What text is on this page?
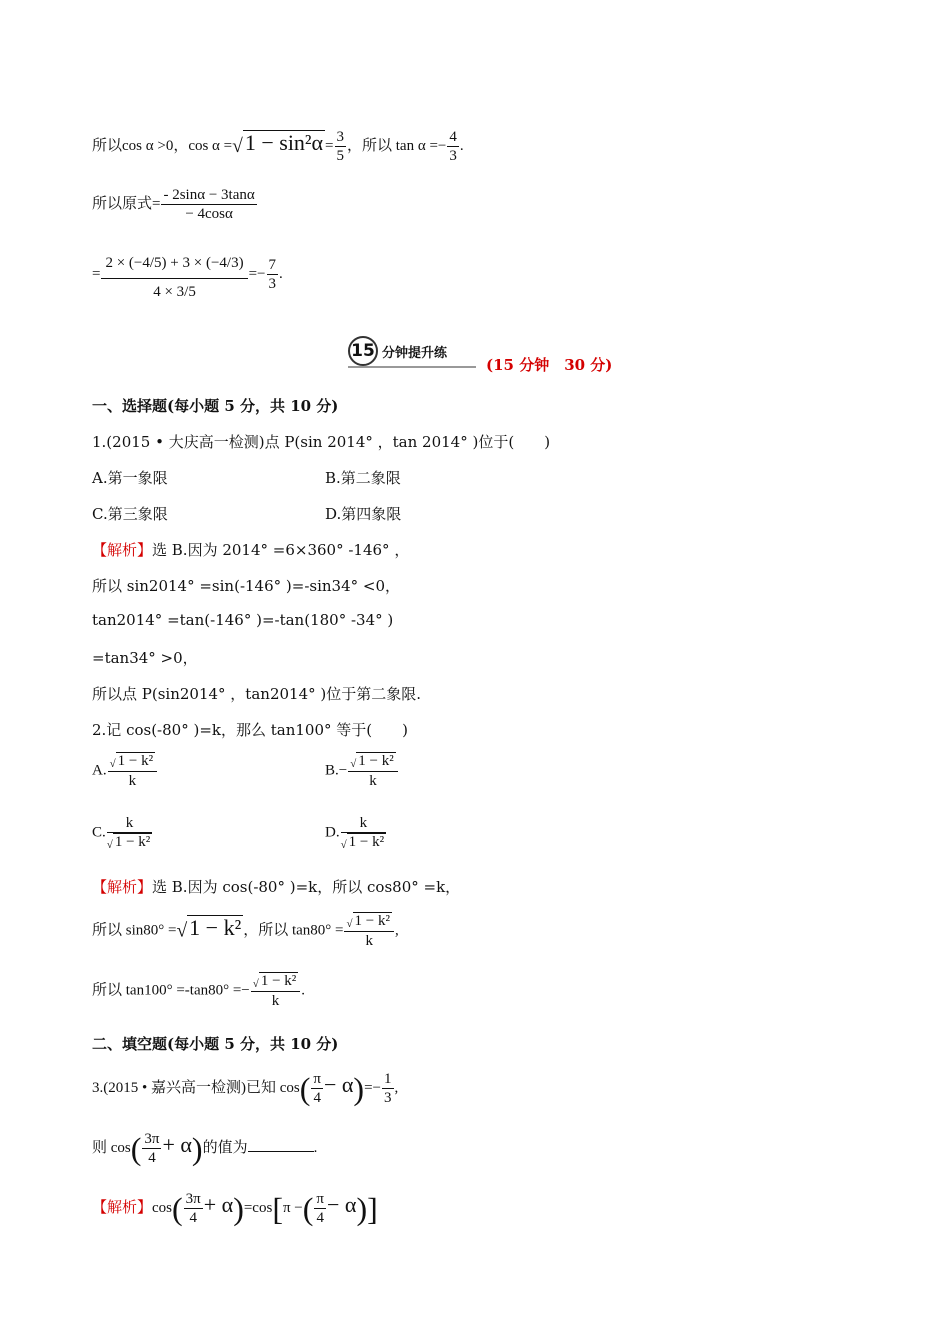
所以cos α >0，$\cos \alpha =√1 - \sin^2\alpha = \frac{3}{5}$ ，所以 $\tan \alpha =- \frac{4}{3}$ .
所以原式= $\frac{- 2\sin\alpha - 3\tan\alpha}{- 4\cos\alpha}$
= $\frac{2 \times (-4/5) + 3 \times (-4/3)}{4 \times 3/5} =- \frac{7}{3}$ .
15 分钟提升练
(15 分钟　30 分)
一、选择题(每小题 5 分，共 10 分)
1.(2015 • 大庆高一检测)点 P(sin 2014° ，tan 2014° )位于(　　)
A.第一象限	B.第二象限
C.第三象限	D.第四象限
【解析】选 B.因为 2014° =6×360° -146° ，
所以 sin2014° =sin(-146° )=-sin34° <0，
tan2014° =tan(-146° )=-tan(180° -34° )
=tan34° >0，
所以点 P(sin2014° ，tan2014° )位于第二象限.
2.记 cos(-80° )=k，那么 tan100° 等于(　　)
A. $\frac{\text{√ 1 − k²}}{k}$	$B.- \frac{\text{√ 1 − k²}}{k}$
C. $\frac{k}{\text{√ 1 − k²}}$	D. $\frac{k}{\text{√ 1 − k²}}$
【解析】选 B.因为 cos(-80° )=k，所以 cos80° =k，
所以 sin80° =√1 − k² ，所以 $\tan 80^\circ = \frac{\text{√ 1 − k²}}{k}$ ,
所以 $\tan 100^\circ =-\tan 80^\circ =- \frac{\text{√ 1 − k²}}{k}$ .
二、填空题(每小题 5 分，共 10 分)
3.(2015 • 嘉兴高一检测)已知 $\cos( \frac{\pi}{4} - \alpha)=- \frac{1}{3}$ ,
则 $\cos( \frac{3\pi}{4} + \alpha)$的值为	.
【解析】$\cos( \frac{3\pi}{4} + \alpha)=\cos[\pi$ −( $\frac{\pi}{4} - \alpha$)]
